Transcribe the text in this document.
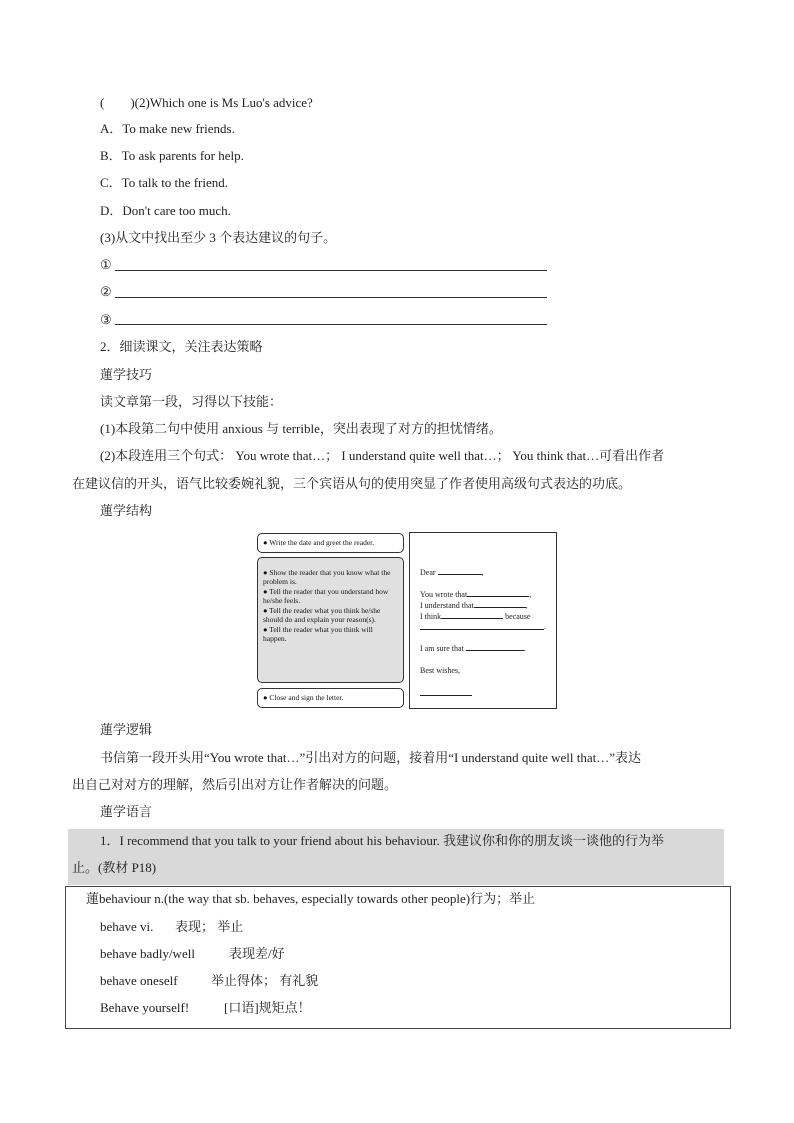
(　　)(2)Which one is Ms Luo's advice?
A．To make new friends.
B．To ask parents for help.
C．To talk to the friend.
D．Don't care too much.
(3)从文中找出至少 3 个表达建议的句子。
①
②
③
2．细读课文，关注表达策略
蓮学技巧
读文章第一段，习得以下技能：
(1)本段第二句中使用 anxious 与 terrible，突出表现了对方的担忧情绪。
(2)本段连用三个句式： You wrote that…； I understand quite well that…； You think that…可看出作者
在建议信的开头，语气比较委婉礼貌，三个宾语从句的使用突显了作者使用高级句式表达的功底。
蓮学结构
● Write the date and greet the reader.
● Show the reader that you know what the problem is.
● Tell the reader that you understand how he/she feels.
● Tell the reader what you think he/she should do and explain your reason(s).
● Tell the reader what you think will happen.
● Close and sign the letter.
Dear	,
You wrote that	,
I understand that	,
I think	because
.
I am sure that	.
Best wishes,
蓮学逻辑
书信第一段开头用“You wrote that…”引出对方的问题，接着用“I understand quite well that…”表达
出自己对对方的理解，然后引出对方让作者解决的问题。
蓮学语言
1．I recommend that you talk to your friend about his behaviour. 我建议你和你的朋友谈一谈他的行为举
止。(教材 P18)
蓮behaviour n.(the way that sb. behaves, especially towards other people)行为；举止
behave vi. 表现； 举止
behave badly/well	表现差/好
behave oneself	举止得体； 有礼貌
Behave yourself!	[口语]规矩点！
